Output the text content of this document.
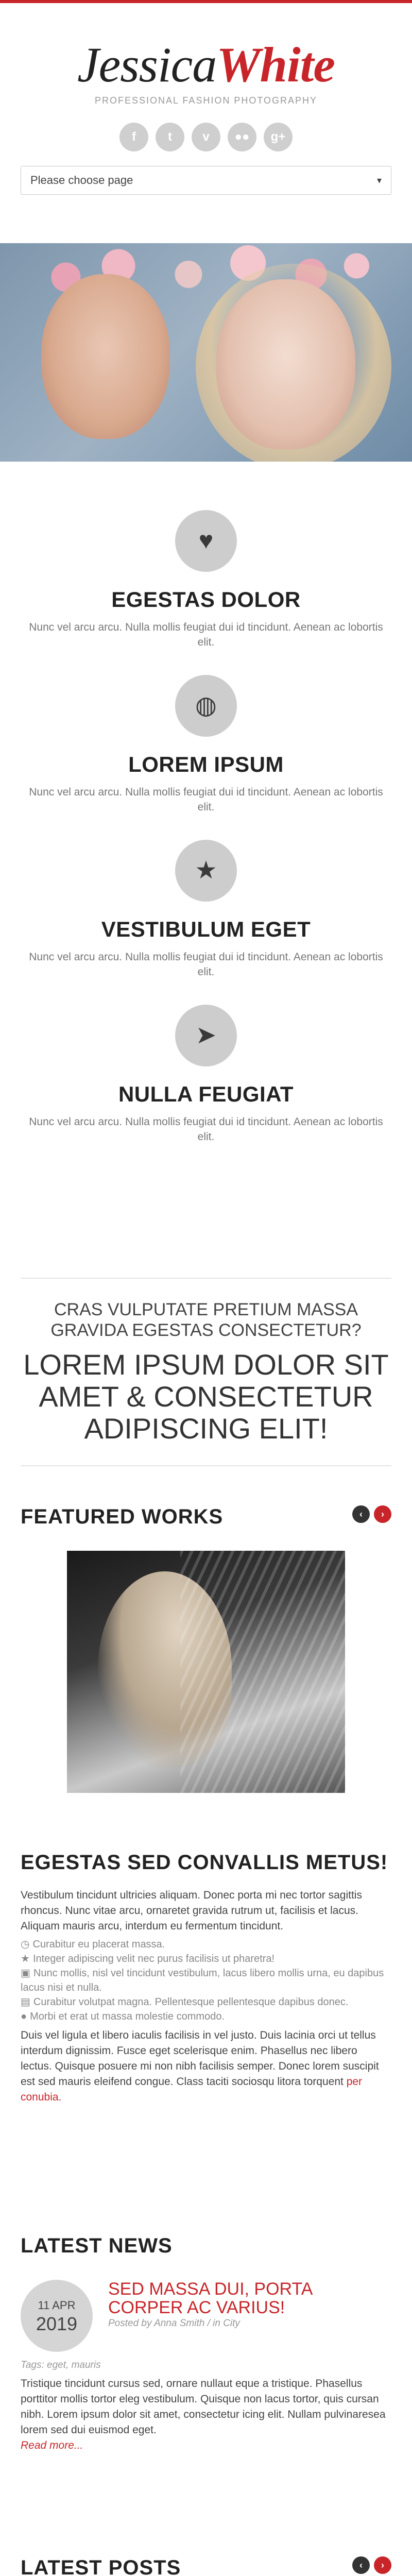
JessicaWhite
PROFESSIONAL FASHION PHOTOGRAPHY
f	t	v	●●	g+
Please choose page	▾
♥
EGESTAS DOLOR
Nunc vel arcu arcu. Nulla mollis feugiat dui id tincidunt. Aenean ac lobortis elit.
◍
LOREM IPSUM
Nunc vel arcu arcu. Nulla mollis feugiat dui id tincidunt. Aenean ac lobortis elit.
★
VESTIBULUM EGET
Nunc vel arcu arcu. Nulla mollis feugiat dui id tincidunt. Aenean ac lobortis elit.
➤
NULLA FEUGIAT
Nunc vel arcu arcu. Nulla mollis feugiat dui id tincidunt. Aenean ac lobortis elit.
CRAS VULPUTATE PRETIUM MASSA GRAVIDA EGESTAS CONSECTETUR?
LOREM IPSUM DOLOR SIT AMET & CONSECTETUR ADIPISCING ELIT!
FEATURED WORKS	‹	›
EGESTAS SED CONVALLIS METUS!

Vestibulum tincidunt ultricies aliquam. Donec porta mi nec tortor sagittis rhoncus. Nunc vitae arcu, ornaretet gravida rutrum ut, facilisis et lacus. Aliquam mauris arcu, interdum eu fermentum tincidunt.

◷ Curabitur eu placerat massa.
★ Integer adipiscing velit nec purus facilisis ut pharetra!
▣ Nunc mollis, nisl vel tincidunt vestibulum, lacus libero mollis urna, eu dapibus lacus nisi et nulla.
▤ Curabitur volutpat magna. Pellentesque pellentesque dapibus donec.
● Morbi et erat ut massa molestie commodo.

Duis vel ligula et libero iaculis facilisis in vel justo. Duis lacinia orci ut tellus interdum dignissim. Fusce eget scelerisque enim. Phasellus nec libero lectus. Quisque posuere mi non nibh facilisis semper. Donec lorem suscipit est sed mauris eleifend congue. Class taciti sociosqu litora torquent per conubia.

LATEST NEWS
11 APR
2019
SED MASSA DUI, PORTA CORPER AC VARIUS!
Posted by Anna Smith / in City
Tags: eget, mauris

Tristique tincidunt cursus sed, ornare nullaut eque a tristique. Phasellus porttitor mollis tortor eleg vestibulum. Quisque non lacus tortor, quis cursan nibh. Lorem ipsum dolor sit amet, consectetur icing elit. Nullam pulvinaresea lorem sed dui euismod eget.

Read more...
LATEST POSTS	‹	›
